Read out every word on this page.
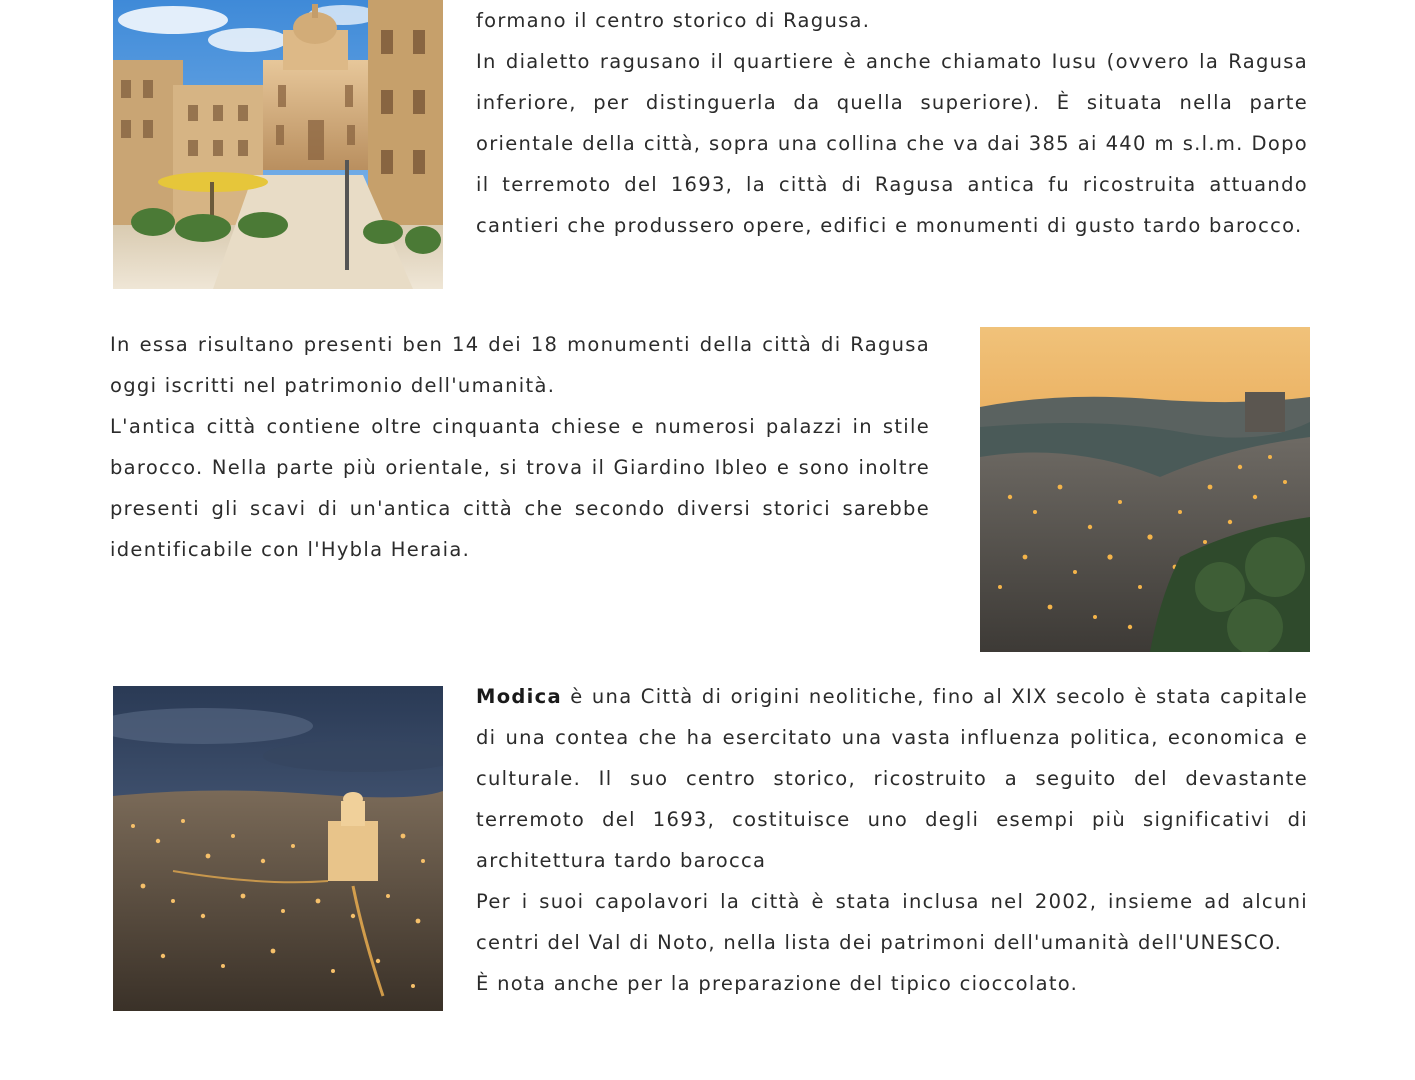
formano il centro storico di Ragusa.

In dialetto ragusano il quartiere è anche chiamato Iusu (ovvero la Ragusa inferiore, per distinguerla da quella superiore). È situata nella parte orientale della città, sopra una collina che va dai 385 ai 440 m s.l.m. Dopo il terremoto del 1693, la città di Ragusa antica fu ricostruita attuando cantieri che produssero opere, edifici e monumenti di gusto tardo barocco.

In essa risultano presenti ben 14 dei 18 monumenti della città di Ragusa oggi iscritti nel patrimonio dell'umanità.

L'antica città contiene oltre cinquanta chiese e numerosi palazzi in stile barocco. Nella parte più orientale, si trova il Giardino Ibleo e sono inoltre presenti gli scavi di un'antica città che secondo diversi storici sarebbe identificabile con l'Hybla Heraia.

Modica è una Città di origini neolitiche, fino al XIX secolo è stata capitale di una contea che ha esercitato una vasta influenza politica, economica e culturale. Il suo centro storico, ricostruito a seguito del devastante terremoto del 1693, costituisce uno degli esempi più significativi di architettura tardo barocca

Per i suoi capolavori la città è stata inclusa nel 2002, insieme ad alcuni centri del Val di Noto, nella lista dei patrimoni dell'umanità dell'UNESCO.

È nota anche per la preparazione del tipico cioccolato.
